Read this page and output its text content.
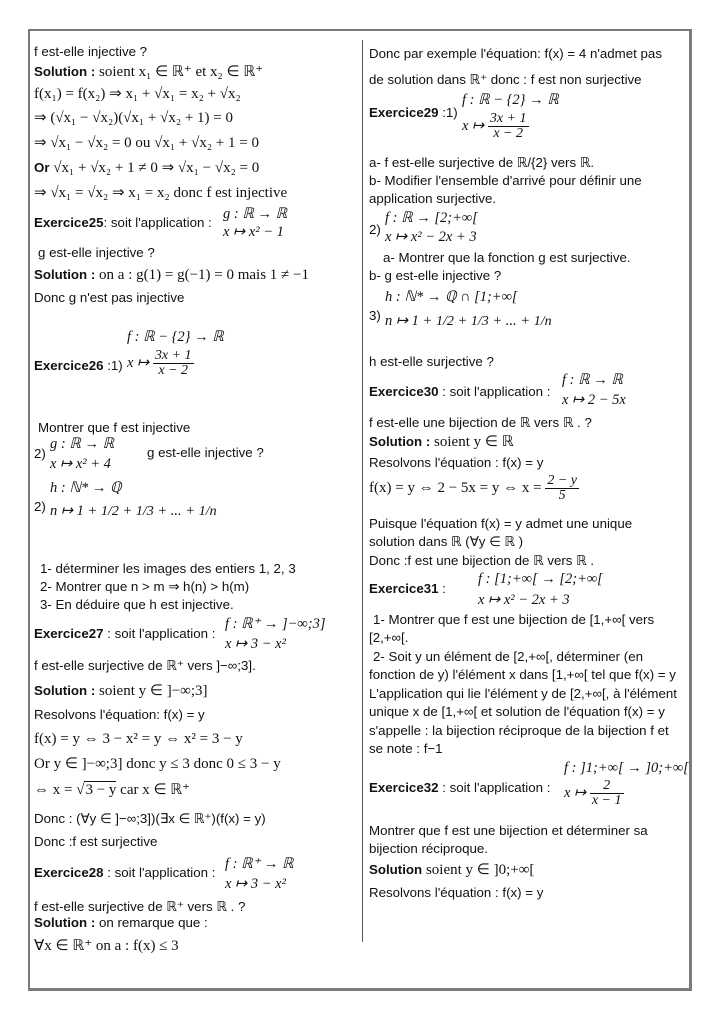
f est-elle injective ?
Solution : soient x₁ ∈ ℝ⁺ et x₂ ∈ ℝ⁺
f(x₁) = f(x₂) ⇒ x₁ + √x₁ = x₂ + √x₂
⇒ (√x₁ − √x₂)(√x₁ + √x₂ + 1) = 0
⇒ √x₁ − √x₂ = 0 ou √x₁ + √x₂ + 1 = 0
Or √x₁ + √x₂ + 1 ≠ 0 ⇒ √x₁ − √x₂ = 0
⇒ √x₁ = √x₂ ⇒ x₁ = x₂ donc f est injective
Exercice25: soit l'application :
g : ℝ → ℝ
x ↦ x² − 1
g est-elle injective ?
Solution : on a : g(1) = g(−1) = 0 mais 1 ≠ −1
Donc g n'est pas injective
f : ℝ − {2} → ℝ
Exercice26 :1) x ↦ $\frac{3x + 1}{x - 2}$
Montrer que f est injective
2)
g : ℝ → ℝ
x ↦ x² + 4
g est-elle injective ?
h : ℕ* → ℚ
2) n ↦ 1 + 1/2 + 1/3 + ... + 1/n
1- déterminer les images des entiers 1, 2, 3
2- Montrer que n > m ⇒ h(n) > h(m)
3- En déduire que h est injective.
Exercice27 : soit l'application :
f : ℝ⁺ → ]−∞;3]
x ↦ 3 − x²
f est-elle surjective de ℝ⁺ vers ]−∞;3].
Solution : soient y ∈ ]−∞;3]
Resolvons l'équation: f(x) = y
f(x) = y ⇔ 3 − x² = y ⇔ x² = 3 − y
Or y ∈ ]−∞;3] donc y ≤ 3 donc 0 ≤ 3 − y
⇔ x = √3 − y car x ∈ ℝ⁺
Donc : (∀y ∈ ]−∞;3])(∃x ∈ ℝ⁺)(f(x) = y)
Donc :f est surjective
Exercice28 : soit l'application :
f : ℝ⁺ → ℝ
x ↦ 3 − x²
f est-elle surjective de ℝ⁺ vers ℝ . ?
Solution : on remarque que :
∀x ∈ ℝ⁺ on a : f(x) ≤ 3
Donc par exemple l'équation: f(x) = 4 n'admet pas
de solution dans ℝ⁺ donc : f est non surjective
f : ℝ − {2} → ℝ
Exercice29 :1)
x ↦ $\frac{3x + 1}{x - 2}$
a- f est-elle surjective de ℝ/{2} vers ℝ.
b- Modifier l'ensemble d'arrivé pour définir une
application surjective.
2)
f : ℝ → [2;+∞[
x ↦ x² − 2x + 3
a- Montrer que la fonction g est surjective.
b- g est-elle injective ?
h : ℕ* → ℚ ∩ [1;+∞[
3) n ↦ 1 + 1/2 + 1/3 + ... + 1/n
h est-elle surjective ?
Exercice30 : soit l'application :
f : ℝ → ℝ
x ↦ 2 − 5x
f est-elle une bijection de ℝ vers ℝ . ?
Solution : soient y ∈ ℝ
Resolvons l'équation : f(x) = y
f(x) = y ⇔ 2 − 5x = y ⇔ $x = \frac{2 - y}{5}$
Puisque l'équation f(x) = y admet une unique
solution dans ℝ (∀y ∈ ℝ )
Donc :f est une bijection de ℝ vers ℝ .
Exercice31 :
f : [1;+∞[ → [2;+∞[
x ↦ x² − 2x + 3
1- Montrer que f est une bijection de [1,+∞[ vers
[2,+∞[.
2- Soit y un élément de [2,+∞[, déterminer (en
fonction de y) l'élément x dans [1,+∞[ tel que f(x) = y
L'application qui lie l'élément y de [2,+∞[, à l'élément
unique x de [1,+∞[ et solution de l'équation f(x) = y
s'appelle : la bijection réciproque de la bijection f et
se note : f−1
f : ]1;+∞[ → ]0;+∞[
Exercice32 : soit l'application : x ↦ $\frac{2}{x - 1}$
Montrer que f est une bijection et déterminer sa
bijection réciproque.
Solution soient y ∈ ]0;+∞[
Resolvons l'équation : f(x) = y
